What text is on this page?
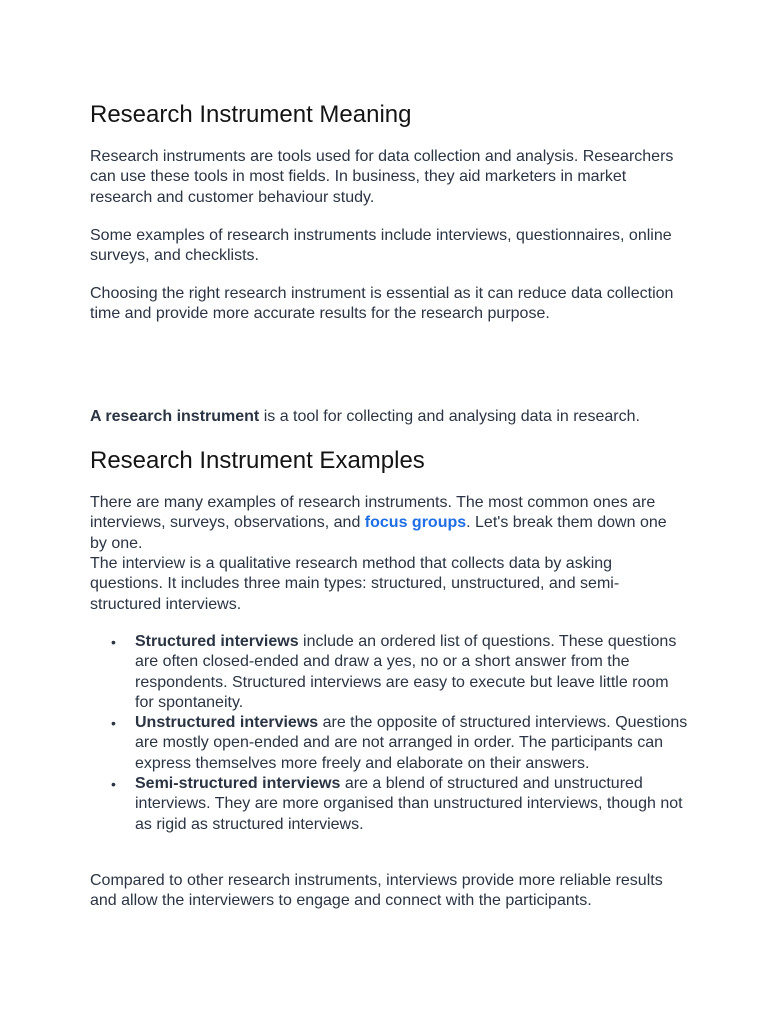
Research Instrument Meaning

Research instruments are tools used for data collection and analysis. Researchers can use these tools in most fields. In business, they aid marketers in market research and customer behaviour study.

Some examples of research instruments include interviews, questionnaires, online surveys, and checklists.

Choosing the right research instrument is essential as it can reduce data collection time and provide more accurate results for the research purpose.

A research instrument is a tool for collecting and analysing data in research.

Research Instrument Examples

There are many examples of research instruments. The most common ones are interviews, surveys, observations, and focus groups. Let's break them down one by one.

The interview is a qualitative research method that collects data by asking questions. It includes three main types: structured, unstructured, and semi-structured interviews.

• Structured interviews include an ordered list of questions. These questions are often closed-ended and draw a yes, no or a short answer from the respondents. Structured interviews are easy to execute but leave little room for spontaneity.
• Unstructured interviews are the opposite of structured interviews. Questions are mostly open-ended and are not arranged in order. The participants can express themselves more freely and elaborate on their answers.
• Semi-structured interviews are a blend of structured and unstructured interviews. They are more organised than unstructured interviews, though not as rigid as structured interviews.

Compared to other research instruments, interviews provide more reliable results and allow the interviewers to engage and connect with the participants.
